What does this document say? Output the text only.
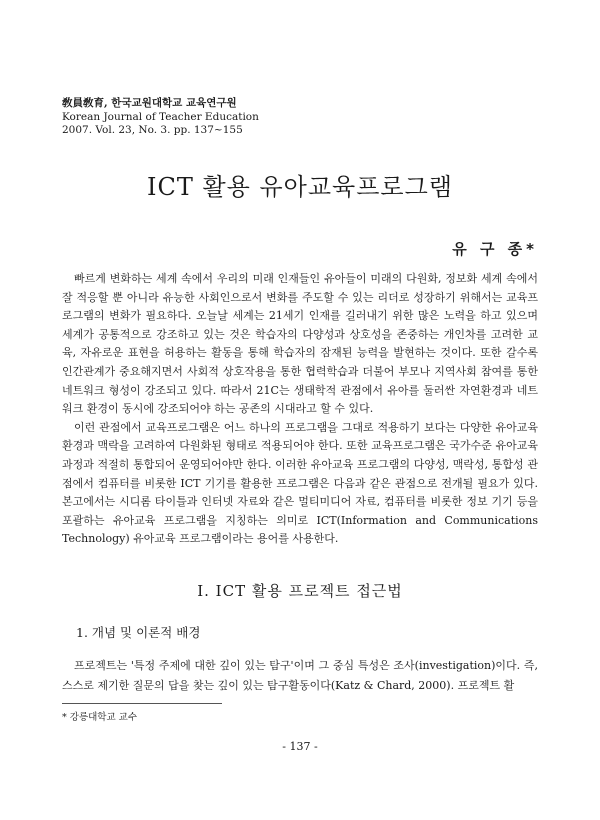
敎員敎育, 한국교원대학교 교육연구원
Korean Journal of Teacher Education
2007. Vol. 23, No. 3. pp. 137~155
ICT 활용 유아교육프로그램
유 구 종*

빠르게 변화하는 세계 속에서 우리의 미래 인재들인 유아들이 미래의 다원화, 정보화 세계 속에서 잘 적응할 뿐 아니라 유능한 사회인으로서 변화를 주도할 수 있는 리더로 성장하기 위해서는 교육프로그램의 변화가 필요하다. 오늘날 세계는 21세기 인재를 길러내기 위한 많은 노력을 하고 있으며 세계가 공통적으로 강조하고 있는 것은 학습자의 다양성과 상호성을 존중하는 개인차를 고려한 교육, 자유로운 표현을 허용하는 활동을 통해 학습자의 잠재된 능력을 발현하는 것이다. 또한 갈수록 인간관계가 중요해지면서 사회적 상호작용을 통한 협력학습과 더불어 부모나 지역사회 참여를 통한 네트워크 형성이 강조되고 있다. 따라서 21C는 생태학적 관점에서 유아를 둘러싼 자연환경과 네트워크 환경이 동시에 강조되어야 하는 공존의 시대라고 할 수 있다.

이런 관점에서 교육프로그램은 어느 하나의 프로그램을 그대로 적용하기 보다는 다양한 유아교육 환경과 맥락을 고려하여 다원화된 형태로 적용되어야 한다. 또한 교육프로그램은 국가수준 유아교육과정과 적절히 통합되어 운영되어야만 한다. 이러한 유아교육 프로그램의 다양성, 맥락성, 통합성 관점에서 컴퓨터를 비롯한 ICT 기기를 활용한 프로그램은 다음과 같은 관점으로 전개될 필요가 있다. 본고에서는 시디롬 타이틀과 인터넷 자료와 같은 멀티미디어 자료, 컴퓨터를 비롯한 정보 기기 등을 포괄하는 유아교육 프로그램을 지칭하는 의미로 ICT(Information and Communications Technology) 유아교육 프로그램이라는 용어를 사용한다.

Ⅰ. ICT 활용 프로젝트 접근법
1. 개념 및 이론적 배경

프로젝트는 '특정 주제에 대한 깊이 있는 탐구'이며 그 중심 특성은 조사(investigation)이다. 즉, 스스로 제기한 질문의 답을 찾는 깊이 있는 탐구활동이다(Katz & Chard, 2000). 프로젝트 활

* 강릉대학교 교수
- 137 -
